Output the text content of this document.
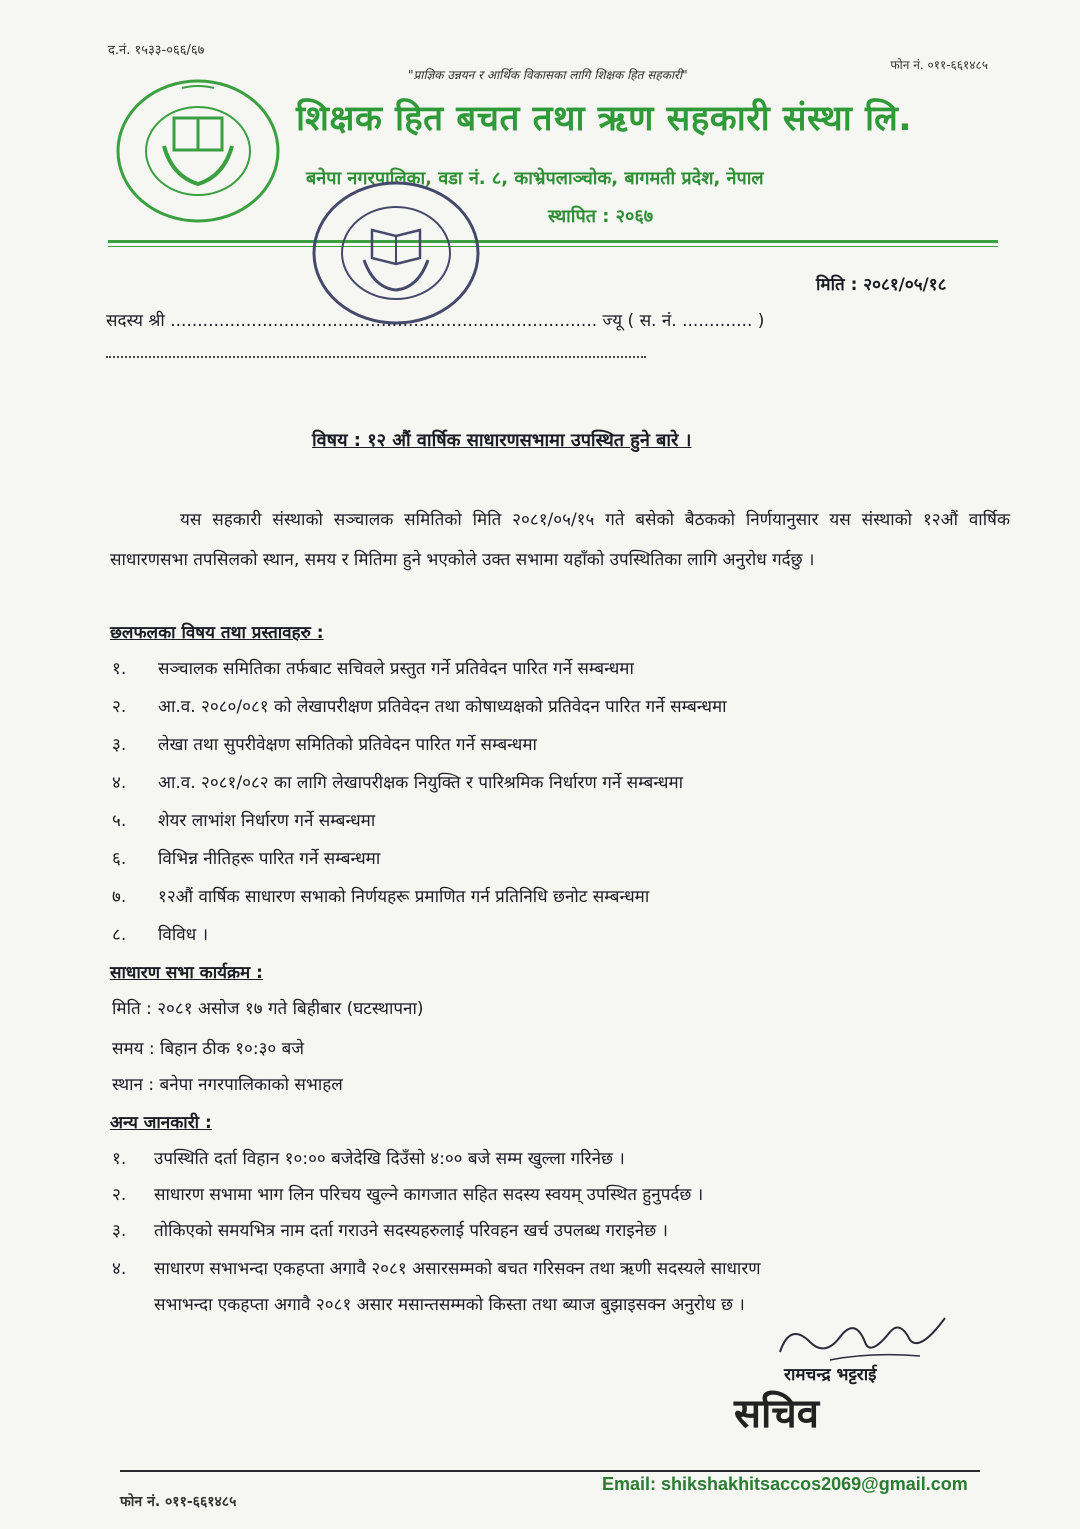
द.नं. १५३३-०६६/६७
फोन नं. ०११-६६१४८५
"प्राज्ञिक उन्नयन र आर्थिक विकासका लागि शिक्षक हित सहकारी"
शिक्षक हित बचत तथा ऋण सहकारी संस्था लि.
बनेपा नगरपालिका, वडा नं. ८, काभ्रेपलाञ्चोक, बागमती प्रदेश, नेपाल
स्थापित : २०६७
मिति : २०८१/०५/१८
सदस्य श्री ............................................................................... ज्यू ( स. नं. ............. )
विषय : १२ औं वार्षिक साधारणसभामा उपस्थित हुने बारे ।
यस सहकारी संस्थाको सञ्चालक समितिको मिति २०८१/०५/१५ गते बसेको बैठकको निर्णयानुसार यस संस्थाको १२औं वार्षिक साधारणसभा तपसिलको स्थान, समय र मितिमा हुने भएकोले उक्त सभामा यहाँको उपस्थितिका लागि अनुरोध गर्दछु ।
छलफलका विषय तथा प्रस्तावहरु :
१. सञ्चालक समितिका तर्फबाट सचिवले प्रस्तुत गर्ने प्रतिवेदन पारित गर्ने सम्बन्धमा
२. आ.व. २०८०/०८१ को लेखापरीक्षण प्रतिवेदन तथा कोषाध्यक्षको प्रतिवेदन पारित गर्ने सम्बन्धमा
३. लेखा तथा सुपरीवेक्षण समितिको प्रतिवेदन पारित गर्ने सम्बन्धमा
४. आ.व. २०८१/०८२ का लागि लेखापरीक्षक नियुक्ति र पारिश्रमिक निर्धारण गर्ने सम्बन्धमा
५. शेयर लाभांश निर्धारण गर्ने सम्बन्धमा
६. विभिन्न नीतिहरू पारित गर्ने सम्बन्धमा
७. १२औं वार्षिक साधारण सभाको निर्णयहरू प्रमाणित गर्न प्रतिनिधि छनोट सम्बन्धमा
८. विविध ।
साधारण सभा कार्यक्रम :
मिति : २०८१ असोज १७ गते बिहीबार (घटस्थापना)
समय : बिहान ठीक १०:३० बजे
स्थान : बनेपा नगरपालिकाको सभाहल
अन्य जानकारी :
१. उपस्थिति दर्ता विहान १०:०० बजेदेखि दिउँसो ४:०० बजे सम्म खुल्ला गरिनेछ ।
२. साधारण सभामा भाग लिन परिचय खुल्ने कागजात सहित सदस्य स्वयम् उपस्थित हुनुपर्दछ ।
३. तोकिएको समयभित्र नाम दर्ता गराउने सदस्यहरुलाई परिवहन खर्च उपलब्ध गराइनेछ ।
४. साधारण सभाभन्दा एकहप्ता अगावै २०८१ असारसम्मको बचत गरिसक्न तथा ऋणी सदस्यले साधारण
सभाभन्दा एकहप्ता अगावै २०८१ असार मसान्तसम्मको किस्ता तथा ब्याज बुझाइसक्न अनुरोध छ ।
रामचन्द्र भट्टराई
सचिव
फोन नं. ०११-६६१४८५
Email: shikshakhitsaccos2069@gmail.com
